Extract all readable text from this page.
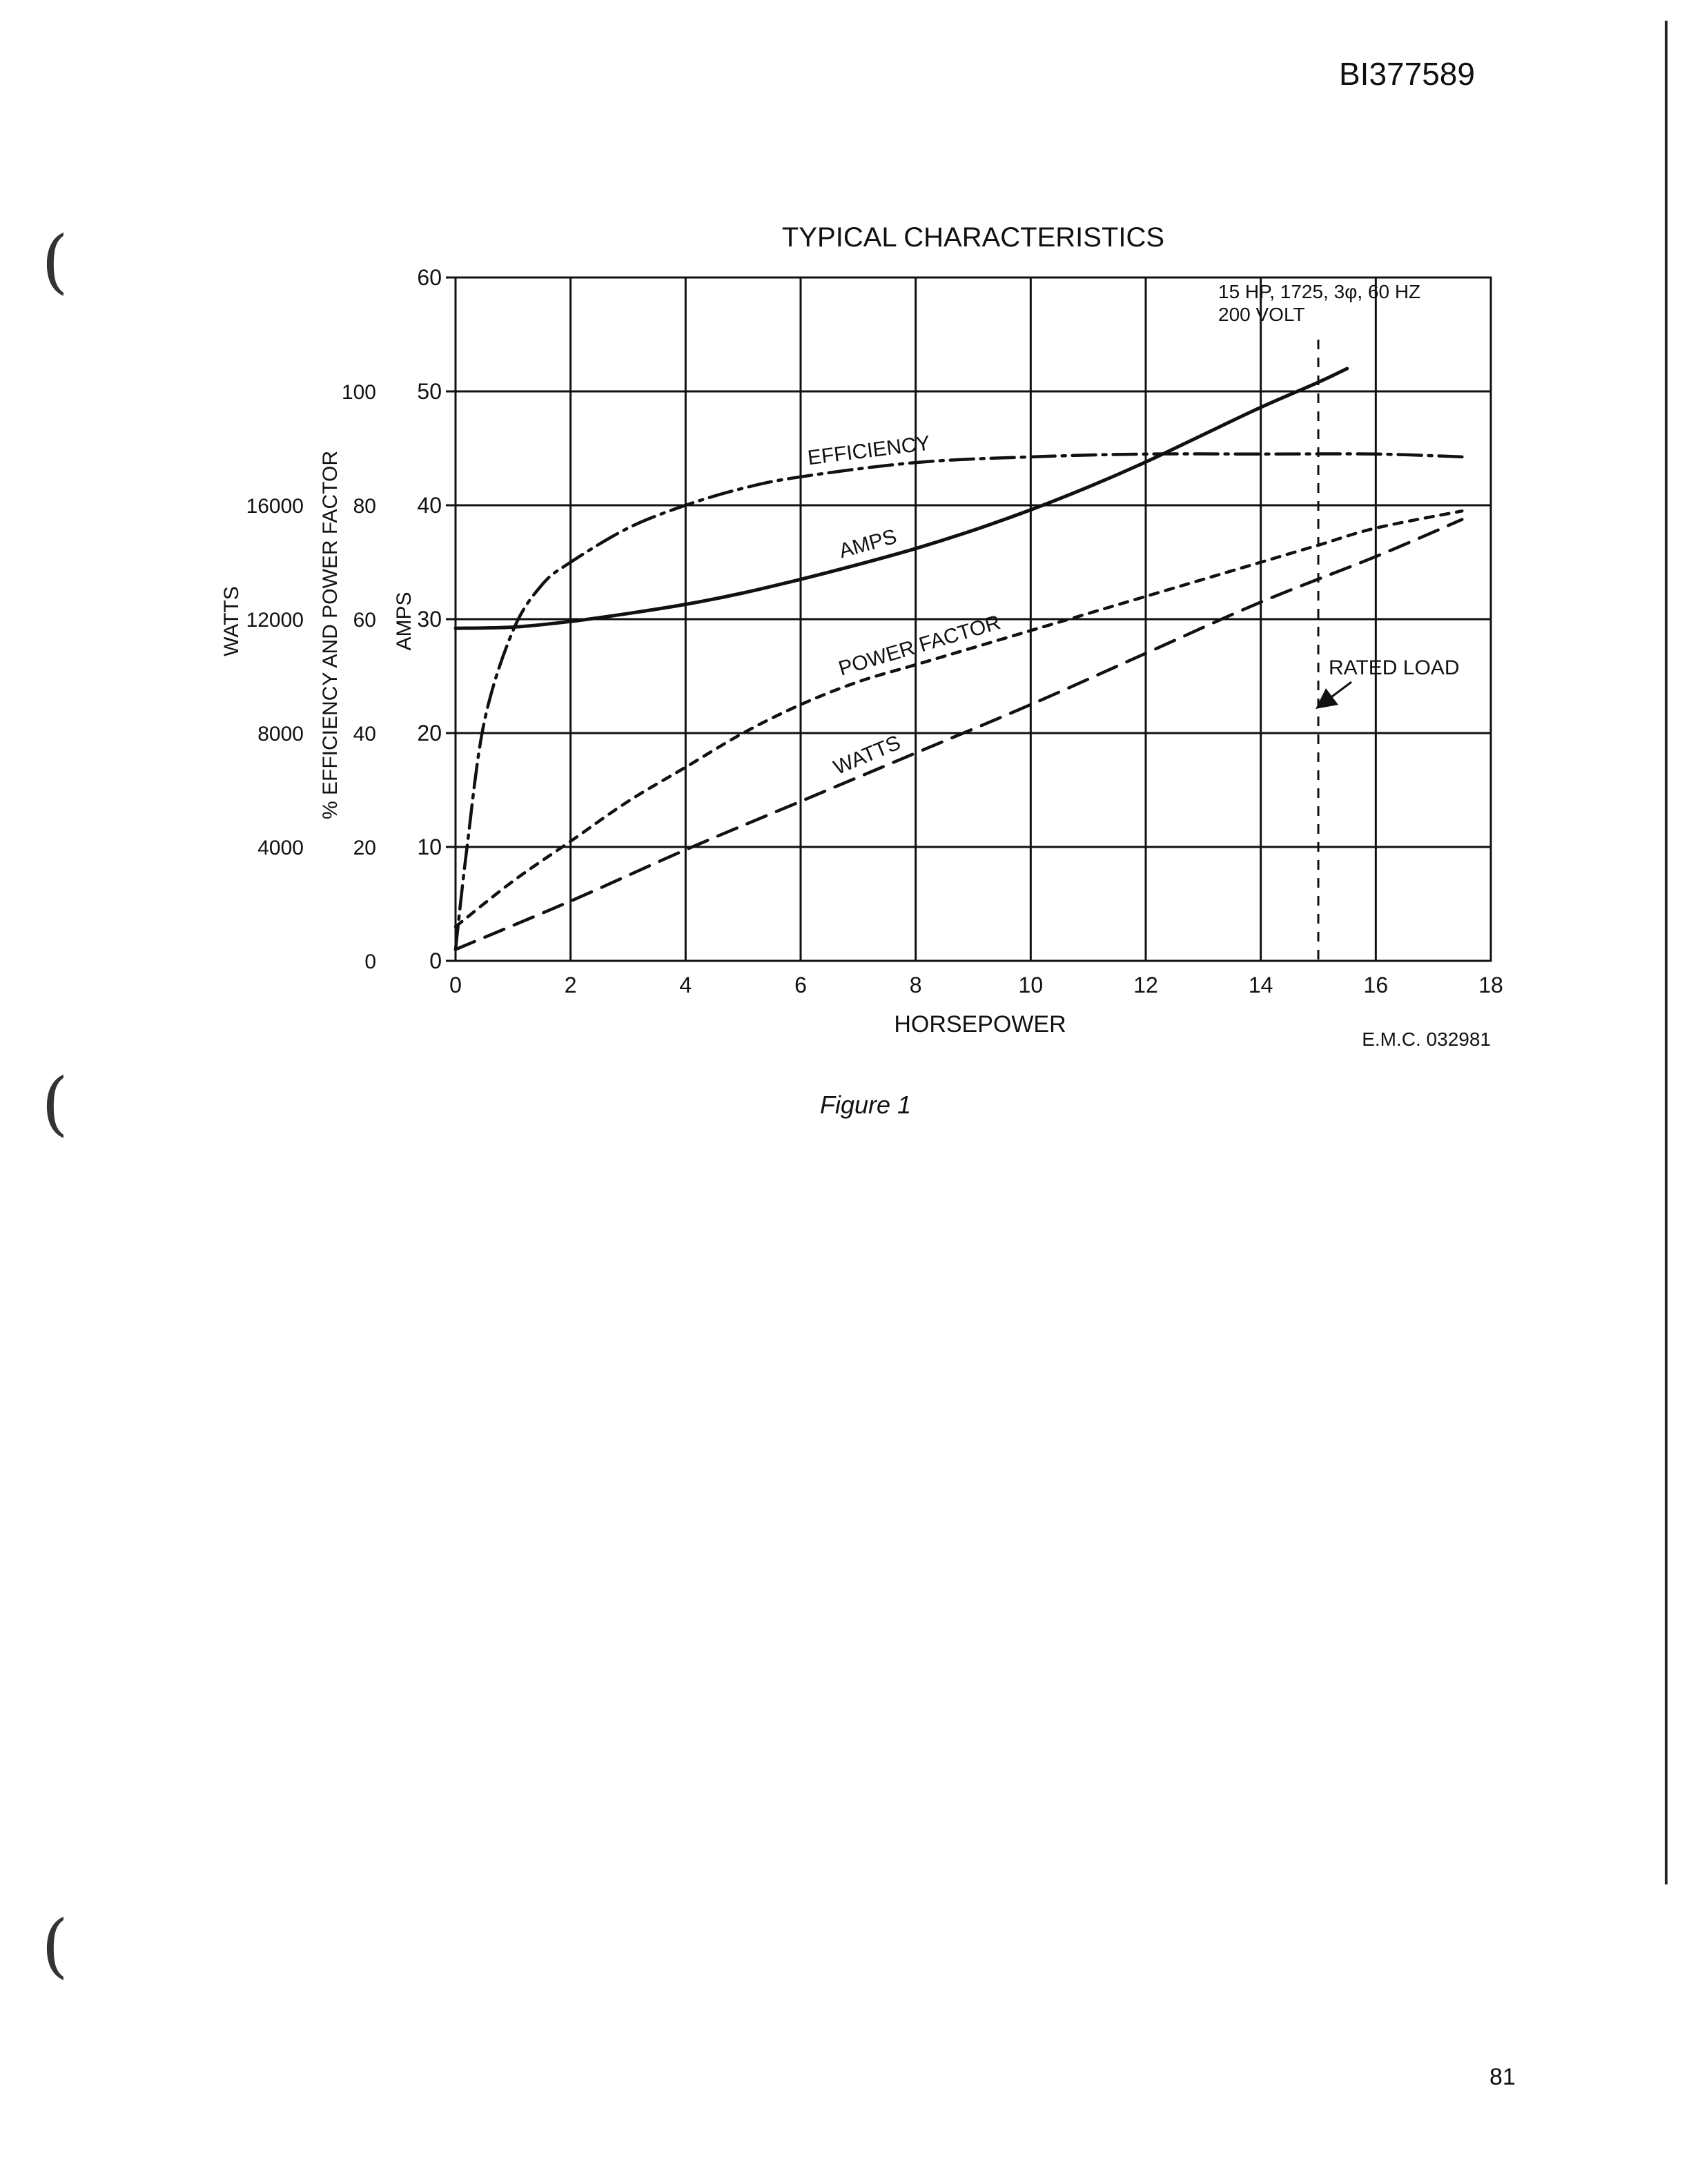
BI377589
(
(
(
TYPICAL CHARACTERISTICS
EFFICIENCY
AMPS
POWER FACTOR
WATTS
0	2	4	6	8	10	12	14	16	18
0
10
20
30
40
50
60
0
20
40
60
80
100
4000
8000
12000
16000
HORSEPOWER
AMPS
% EFFICIENCY AND POWER FACTOR
WATTS
15 HP, 1725, 3φ, 60 HZ
200 VOLT
RATED LOAD
E.M.C. 032981
Figure 1
81
